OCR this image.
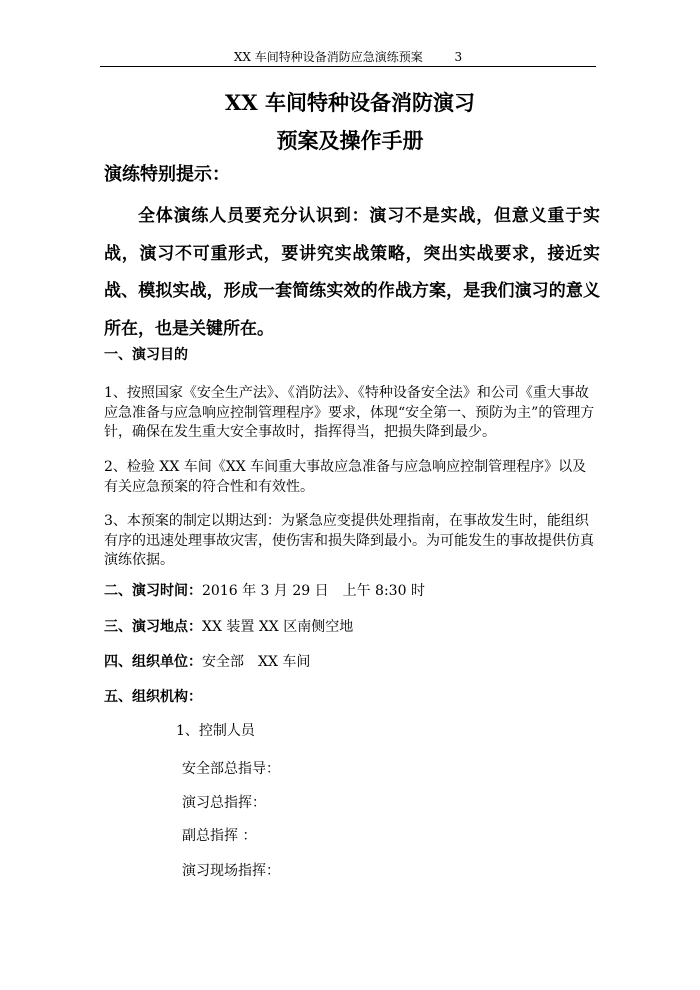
XX 车间特种设备消防应急演练预案	3
XX 车间特种设备消防演习
预案及操作手册
演练特别提示：

全体演练人员要充分认识到：演习不是实战，但意义重于实战，演习不可重形式，要讲究实战策略，突出实战要求，接近实战、模拟实战，形成一套简练实效的作战方案，是我们演习的意义所在，也是关键所在。

一、演习目的

1、按照国家《安全生产法》、《消防法》、《特种设备安全法》和公司《重大事故应急准备与应急响应控制管理程序》要求，体现“安全第一、预防为主”的管理方针，确保在发生重大安全事故时，指挥得当，把损失降到最少。

2、检验 XX 车间《XX 车间重大事故应急准备与应急响应控制管理程序》以及有关应急预案的符合性和有效性。

3、本预案的制定以期达到：为紧急应变提供处理指南，在事故发生时，能组织有序的迅速处理事故灾害，使伤害和损失降到最小。为可能发生的事故提供仿真演练依据。

二、演习时间：2016 年 3 月 29 日　上午 8:30 时
三、演习地点：XX 装置 XX 区南侧空地
四、组织单位：安全部　XX 车间
五、组织机构：
1、控制人员
安全部总指导：
演习总指挥：
副总指挥 ：
演习现场指挥：
